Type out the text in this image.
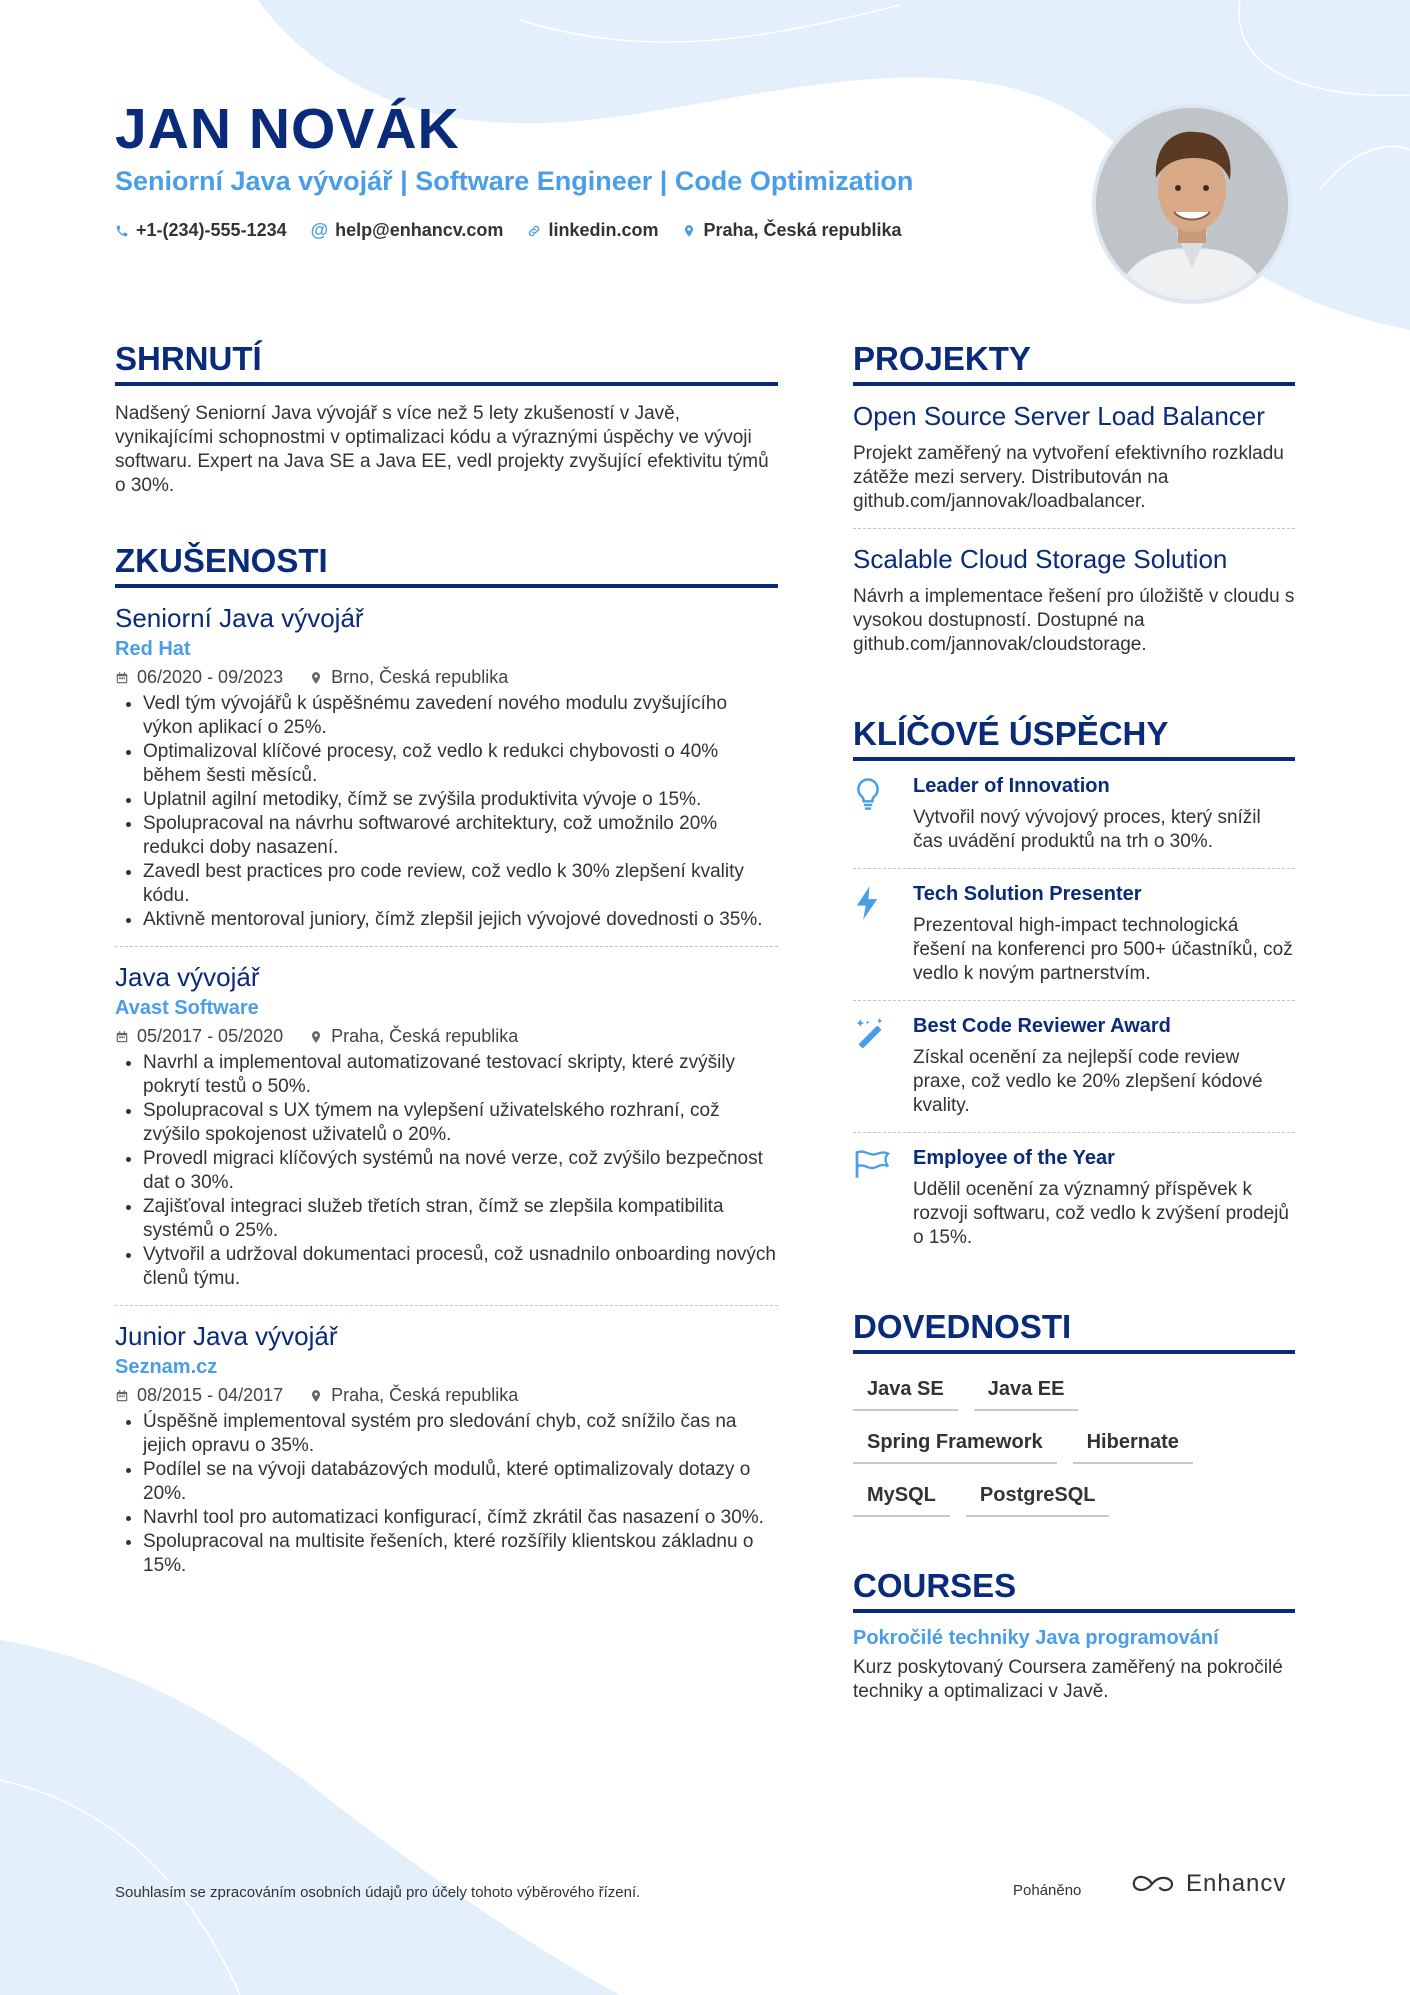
JAN NOVÁK
Seniorní Java vývojář | Software Engineer | Code Optimization
+1-(234)-555-1234 @ help@enhancv.com	linkedin.com	Praha, Česká republika
SHRNUTÍ

Nadšený Seniorní Java vývojář s více než 5 lety zkušeností v Javě, vynikajícími schopnostmi v optimalizaci kódu a výraznými úspěchy ve vývoji softwaru. Expert na Java SE a Java EE, vedl projekty zvyšující efektivitu týmů o 30%.

ZKUŠENOSTI
Seniorní Java vývojář
Red Hat
06/2020 - 09/2023	Brno, Česká republika
• Vedl tým vývojářů k úspěšnému zavedení nového modulu zvyšujícího výkon aplikací o 25%.
• Optimalizoval klíčové procesy, což vedlo k redukci chybovosti o 40% během šesti měsíců.
• Uplatnil agilní metodiky, čímž se zvýšila produktivita vývoje o 15%.
• Spolupracoval na návrhu softwarové architektury, což umožnilo 20% redukci doby nasazení.
• Zavedl best practices pro code review, což vedlo k 30% zlepšení kvality kódu.
• Aktivně mentoroval juniory, čímž zlepšil jejich vývojové dovednosti o 35%.
Java vývojář
Avast Software
05/2017 - 05/2020	Praha, Česká republika
• Navrhl a implementoval automatizované testovací skripty, které zvýšily pokrytí testů o 50%.
• Spolupracoval s UX týmem na vylepšení uživatelského rozhraní, což zvýšilo spokojenost uživatelů o 20%.
• Provedl migraci klíčových systémů na nové verze, což zvýšilo bezpečnost dat o 30%.
• Zajišťoval integraci služeb třetích stran, čímž se zlepšila kompatibilita systémů o 25%.
• Vytvořil a udržoval dokumentaci procesů, což usnadnilo onboarding nových členů týmu.
Junior Java vývojář
Seznam.cz
08/2015 - 04/2017	Praha, Česká republika
• Úspěšně implementoval systém pro sledování chyb, což snížilo čas na jejich opravu o 35%.
• Podílel se na vývoji databázových modulů, které optimalizovaly dotazy o 20%.
• Navrhl tool pro automatizaci konfigurací, čímž zkrátil čas nasazení o 30%.
• Spolupracoval na multisite řešeních, které rozšířily klientskou základnu o 15%.
PROJEKTY
Open Source Server Load Balancer
Projekt zaměřený na vytvoření efektivního rozkladu zátěže mezi servery. Distributován na github.com/jannovak/loadbalancer.
Scalable Cloud Storage Solution
Návrh a implementace řešení pro úložiště v cloudu s vysokou dostupností. Dostupné na github.com/jannovak/cloudstorage.
KLÍČOVÉ ÚSPĚCHY
Leader of Innovation
Vytvořil nový vývojový proces, který snížil čas uvádění produktů na trh o 30%.
Tech Solution Presenter
Prezentoval high-impact technologická řešení na konferenci pro 500+ účastníků, což vedlo k novým partnerstvím.
Best Code Reviewer Award
Získal ocenění za nejlepší code review praxe, což vedlo ke 20% zlepšení kódové kvality.
Employee of the Year
Udělil ocenění za významný příspěvek k rozvoji softwaru, což vedlo k zvýšení prodejů o 15%.
DOVEDNOSTI
Java SE	Java EE
Spring Framework	Hibernate
MySQL	PostgreSQL
COURSES
Pokročilé techniky Java programování
Kurz poskytovaný Coursera zaměřený na pokročilé techniky a optimalizaci v Javě.
Souhlasím se zpracováním osobních údajů pro účely tohoto výběrového řízení.	Poháněno	Enhancv
